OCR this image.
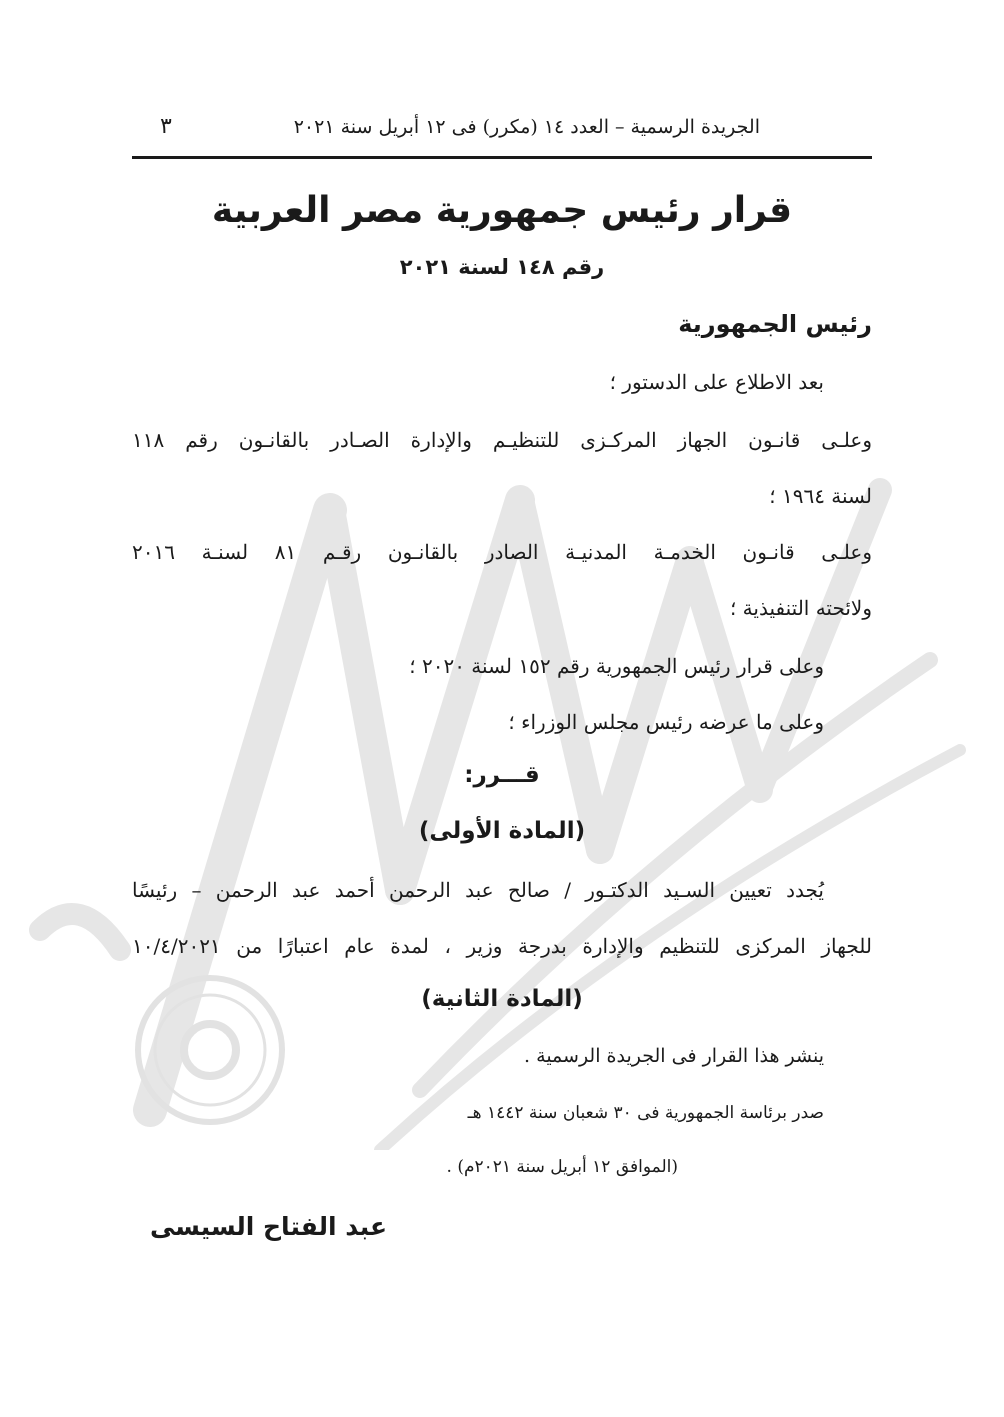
الجريدة الرسمية – العدد ١٤ (مكرر) فى ١٢ أبريل سنة ٢٠٢١
٣
قرار رئيس جمهورية مصر العربية
رقم ١٤٨ لسنة ٢٠٢١
رئيس الجمهورية
بعد الاطلاع على الدستور ؛
وعلـى قانـون الجهاز المركـزى للتنظيـم والإدارة الصـادر بالقانـون رقم ١١٨
لسنة ١٩٦٤ ؛
وعلـى قانـون الخدمـة المدنيـة الصادر بالقانـون رقـم ٨١ لسنـة ٢٠١٦
ولائحته التنفيذية ؛
وعلى قرار رئيس الجمهورية رقم ١٥٢ لسنة ٢٠٢٠ ؛
وعلى ما عرضه رئيس مجلس الوزراء ؛
قـــرر:
(المادة الأولى)
يُجدد تعيين السـيد الدكتـور / صالح عبد الرحمن أحمد عبد الرحمن – رئيسًا
للجهاز المركزى للتنظيم والإدارة بدرجة وزير ، لمدة عام اعتبارًا من ١٠/٤/٢٠٢١
(المادة الثانية)
ينشر هذا القرار فى الجريدة الرسمية .
صدر برئاسة الجمهورية فى ٣٠ شعبان سنة ١٤٤٢ هـ
(الموافق ١٢ أبريل سنة ٢٠٢١م) .
عبد الفتاح السيسى
